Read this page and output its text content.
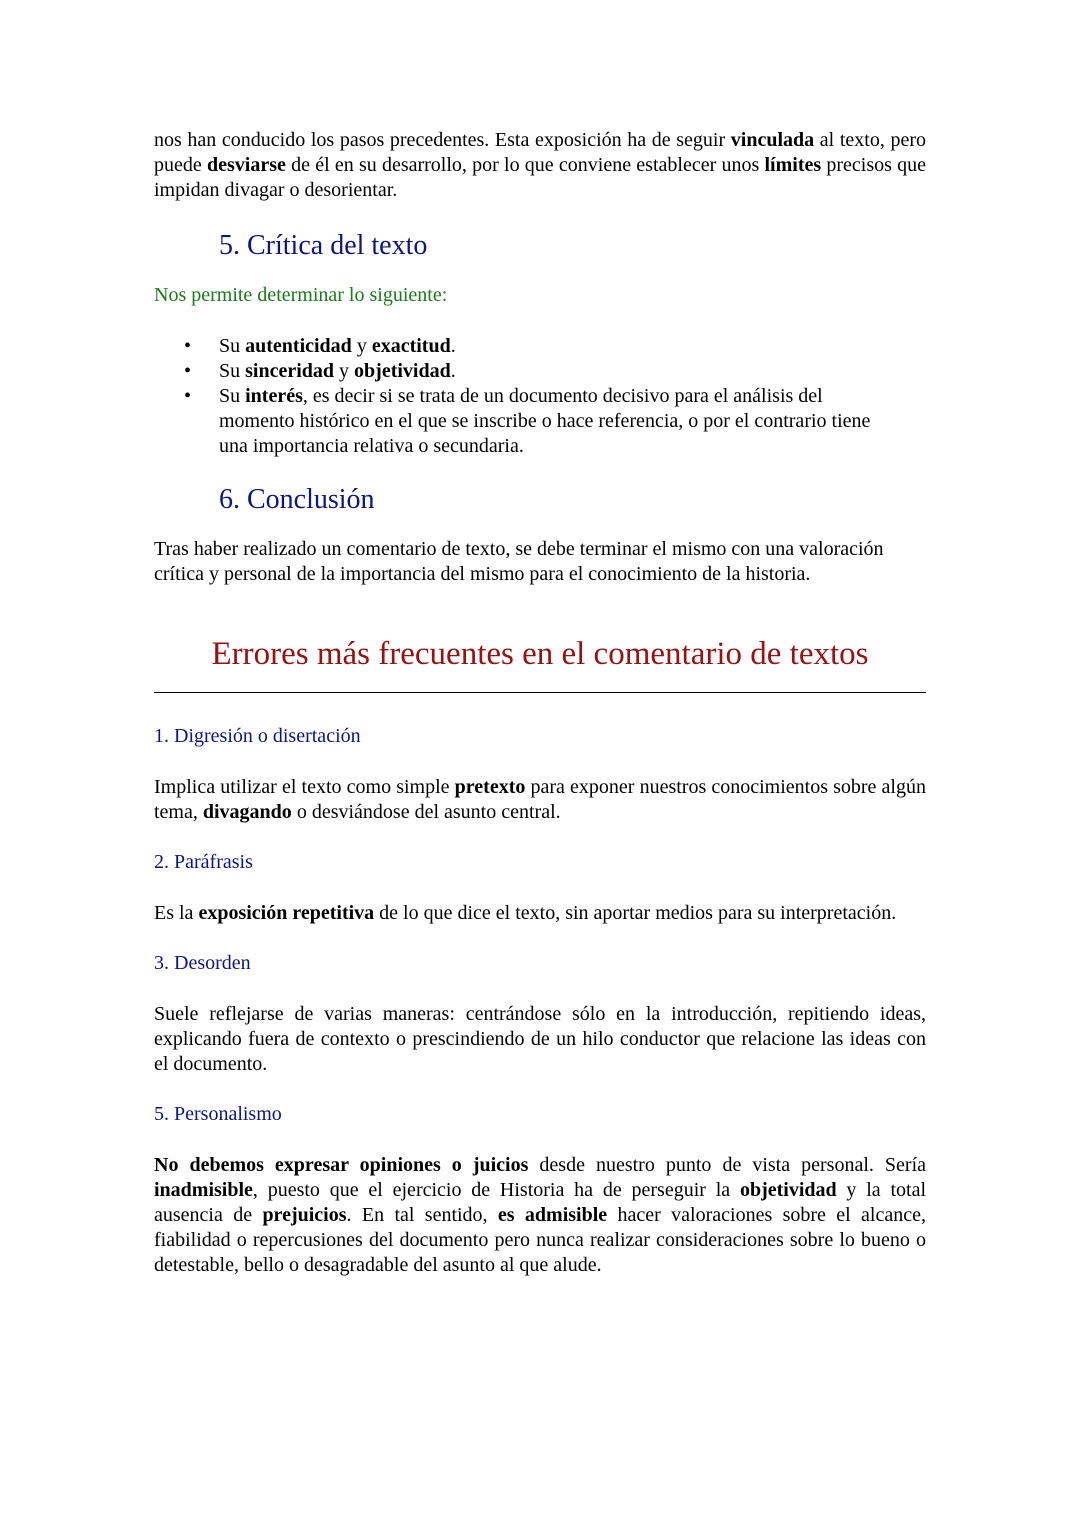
nos han conducido los pasos precedentes. Esta exposición ha de seguir vinculada al texto, pero puede desviarse de él en su desarrollo, por lo que conviene establecer unos límites precisos que impidan divagar o desorientar.

5. Crítica del texto

Nos permite determinar lo siguiente:

• Su autenticidad y exactitud.
• Su sinceridad y objetividad.
• Su interés, es decir si se trata de un documento decisivo para el análisis del momento histórico en el que se inscribe o hace referencia, o por el contrario tiene una importancia relativa o secundaria.
6. Conclusión

Tras haber realizado un comentario de texto, se debe terminar el mismo con una valoración crítica y personal de la importancia del mismo para el conocimiento de la historia.

Errores más frecuentes en el comentario de textos
1. Digresión o disertación

Implica utilizar el texto como simple pretexto para exponer nuestros conocimientos sobre algún tema, divagando o desviándose del asunto central.

2. Paráfrasis

Es la exposición repetitiva de lo que dice el texto, sin aportar medios para su interpretación.

3. Desorden

Suele reflejarse de varias maneras: centrándose sólo en la introducción, repitiendo ideas, explicando fuera de contexto o prescindiendo de un hilo conductor que relacione las ideas con el documento.

5. Personalismo

No debemos expresar opiniones o juicios desde nuestro punto de vista personal. Sería inadmisible, puesto que el ejercicio de Historia ha de perseguir la objetividad y la total ausencia de prejuicios. En tal sentido, es admisible hacer valoraciones sobre el alcance, fiabilidad o repercusiones del documento pero nunca realizar consideraciones sobre lo bueno o detestable, bello o desagradable del asunto al que alude.
